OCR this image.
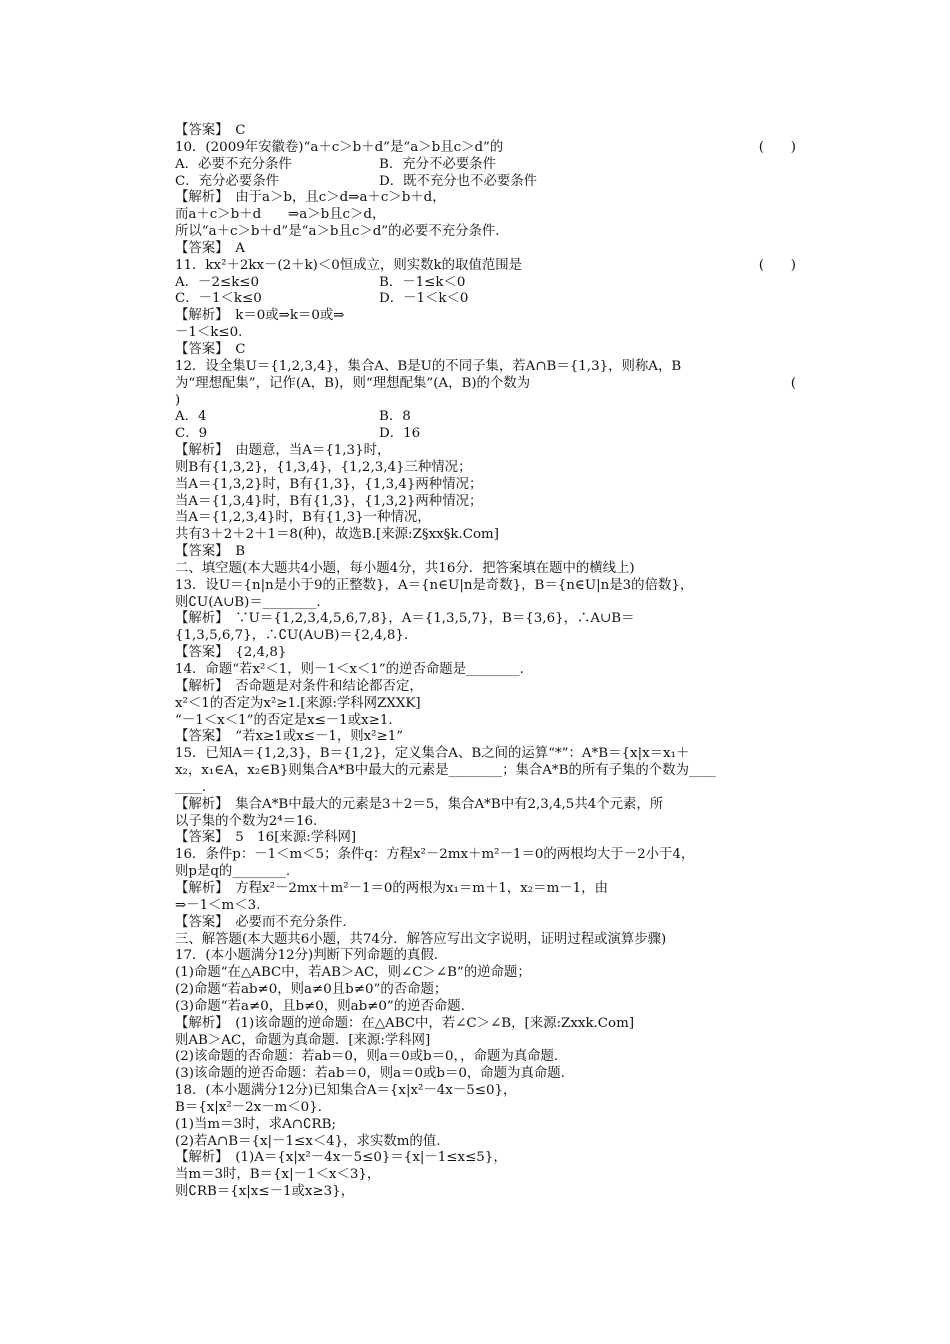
【答案】　C
10．(2009年安徽卷)“a＋c＞b＋d”是“a＞b且c＞d”的	(　　)
A．必要不充分条件	B．充分不必要条件
C．充分必要条件	D．既不充分也不必要条件
【解析】　由于a＞b，且c＞d⇒a＋c＞b＋d，
而a＋c＞b＋d　　⇒a＞b且c＞d，
所以“a＋c＞b＋d”是“a＞b且c＞d”的必要不充分条件．
【答案】　A
11．kx²＋2kx－(2＋k)＜0恒成立，则实数k的取值范围是	(　　)
A．－2≤k≤0	B．－1≤k＜0
C．－1＜k≤0	D．－1＜k＜0
【解析】　k＝0或⇒k＝0或⇒
－1＜k≤0.
【答案】　C
12．设全集U＝{1,2,3,4}，集合A、B是U的不同子集，若A∩B＝{1,3}，则称A，B
为“理想配集”，记作(A，B)，则“理想配集”(A，B)的个数为	(
)
A．4	B．8
C．9	D．16
【解析】　由题意，当A＝{1,3}时，
则B有{1,3,2}，{1,3,4}，{1,2,3,4}三种情况；
当A＝{1,3,2}时，B有{1,3}，{1,3,4}两种情况；
当A＝{1,3,4}时，B有{1,3}，{1,3,2}两种情况；
当A＝{1,2,3,4}时，B有{1,3}一种情况，
共有3＋2＋2＋1＝8(种)，故选B.[来源:Z§xx§k.Com]
【答案】　B
二、填空题(本大题共4小题，每小题4分，共16分．把答案填在题中的横线上)
13．设U＝{n|n是小于9的正整数}，A＝{n∈U|n是奇数}，B＝{n∈U|n是3的倍数}，
则∁U(A∪B)＝________.
【解析】　∵U＝{1,2,3,4,5,6,7,8}，A＝{1,3,5,7}，B＝{3,6}，∴A∪B＝
{1,3,5,6,7}，∴∁U(A∪B)＝{2,4,8}.
【答案】　{2,4,8}
14．命题“若x²＜1，则－1＜x＜1”的逆否命题是________.
【解析】　否命题是对条件和结论都否定，
x²＜1的否定为x²≥1.[来源:学科网ZXXK]
“－1＜x＜1”的否定是x≤－1或x≥1.
【答案】　“若x≥1或x≤－1，则x²≥1”
15．已知A＝{1,2,3}，B＝{1,2}，定义集合A、B之间的运算“*”：A*B＝{x|x＝x₁＋
x₂，x₁∈A，x₂∈B}则集合A*B中最大的元素是________；集合A*B的所有子集的个数为____
____.
【解析】　集合A*B中最大的元素是3＋2＝5，集合A*B中有2,3,4,5共4个元素，所
以子集的个数为2⁴＝16.
【答案】　5　16[来源:学科网]
16．条件p：－1＜m＜5；条件q：方程x²－2mx＋m²－1＝0的两根均大于－2小于4，
则p是q的________.
【解析】　方程x²－2mx＋m²－1＝0的两根为x₁＝m＋1，x₂＝m－1，由
⇒－1＜m＜3.
【答案】　必要而不充分条件.
三、解答题(本大题共6小题，共74分．解答应写出文字说明，证明过程或演算步骤)
17．(本小题满分12分)判断下列命题的真假.
(1)命题“在△ABC中，若AB＞AC，则∠C＞∠B”的逆命题；
(2)命题“若ab≠0，则a≠0且b≠0”的否命题；
(3)命题“若a≠0，且b≠0，则ab≠0”的逆否命题.
【解析】　(1)该命题的逆命题：在△ABC中，若∠C＞∠B，[来源:Zxxk.Com]
则AB＞AC，命题为真命题．[来源:学科网]
(2)该命题的否命题：若ab＝0，则a＝0或b＝0，，命题为真命题.
(3)该命题的逆否命题：若ab＝0，则a＝0或b＝0，命题为真命题.
18．(本小题满分12分)已知集合A＝{x|x²－4x－5≤0}，
B＝{x|x²－2x－m＜0}．
(1)当m＝3时，求A∩∁RB;
(2)若A∩B＝{x|－1≤x＜4}，求实数m的值.
【解析】　(1)A＝{x|x²－4x－5≤0}＝{x|－1≤x≤5}，
当m＝3时，B＝{x|－1＜x＜3}，
则∁RB＝{x|x≤－1或x≥3}，
